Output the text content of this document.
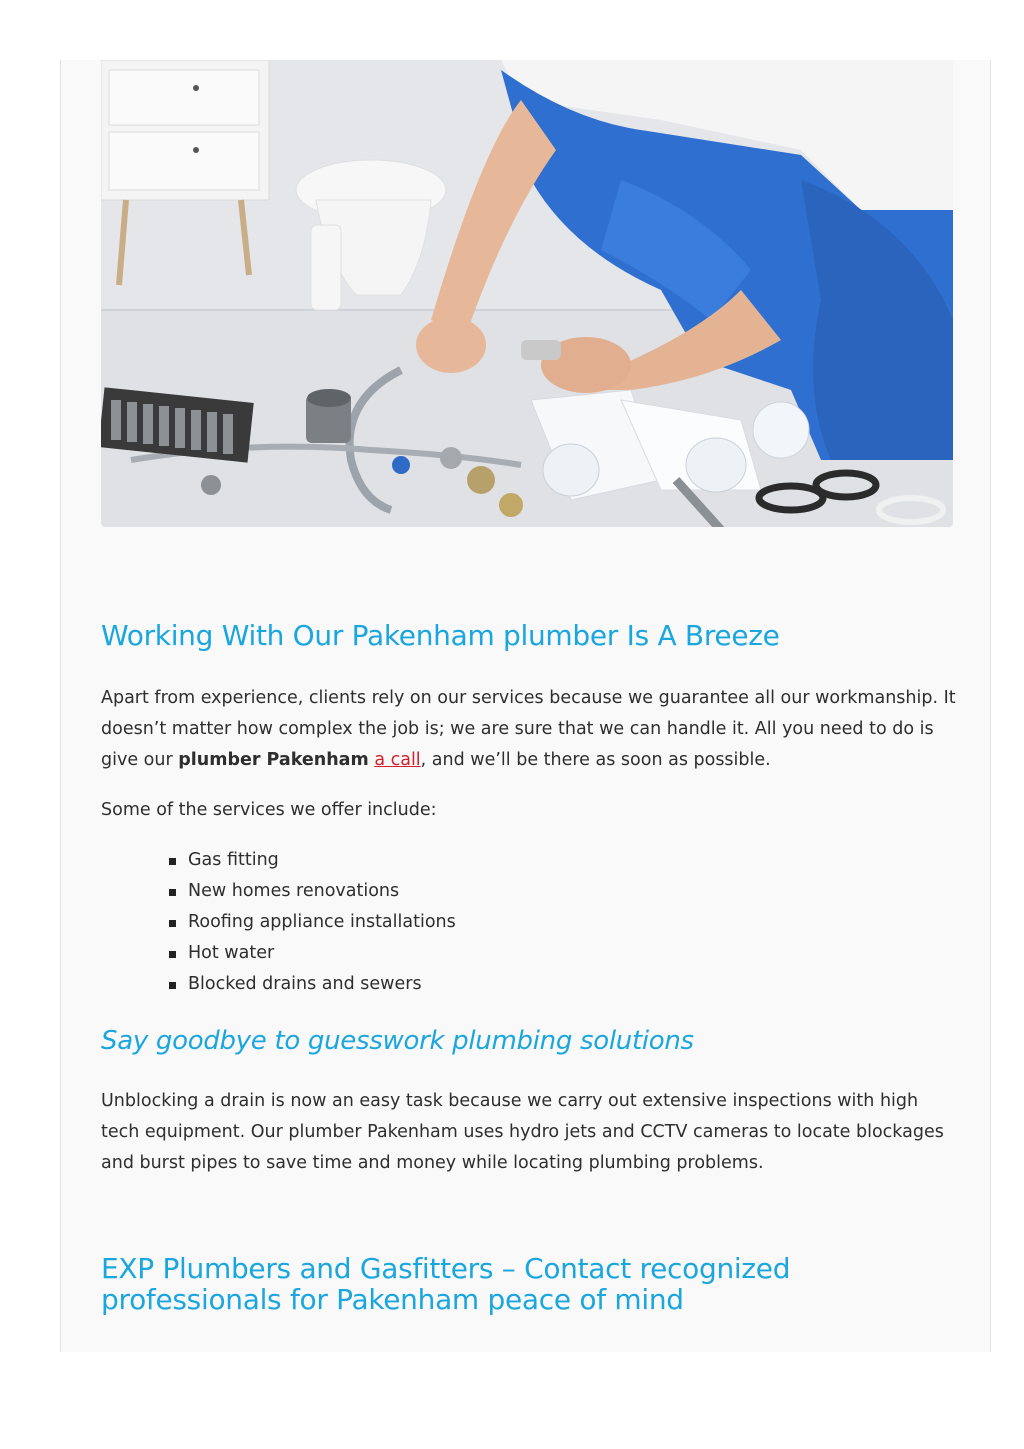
Working With Our Pakenham plumber Is A Breeze

Apart from experience, clients rely on our services because we guarantee all our workmanship. It doesn’t matter how complex the job is; we are sure that we can handle it. All you need to do is give our plumber Pakenham a call, and we’ll be there as soon as possible.

Some of the services we offer include:

Gas fitting
New homes renovations
Roofing appliance installations
Hot water
Blocked drains and sewers
Say goodbye to guesswork plumbing solutions

Unblocking a drain is now an easy task because we carry out extensive inspections with high tech equipment. Our plumber Pakenham uses hydro jets and CCTV cameras to locate blockages and burst pipes to save time and money while locating plumbing problems.

EXP Plumbers and Gasfitters – Contact recognized professionals for Pakenham peace of mind
